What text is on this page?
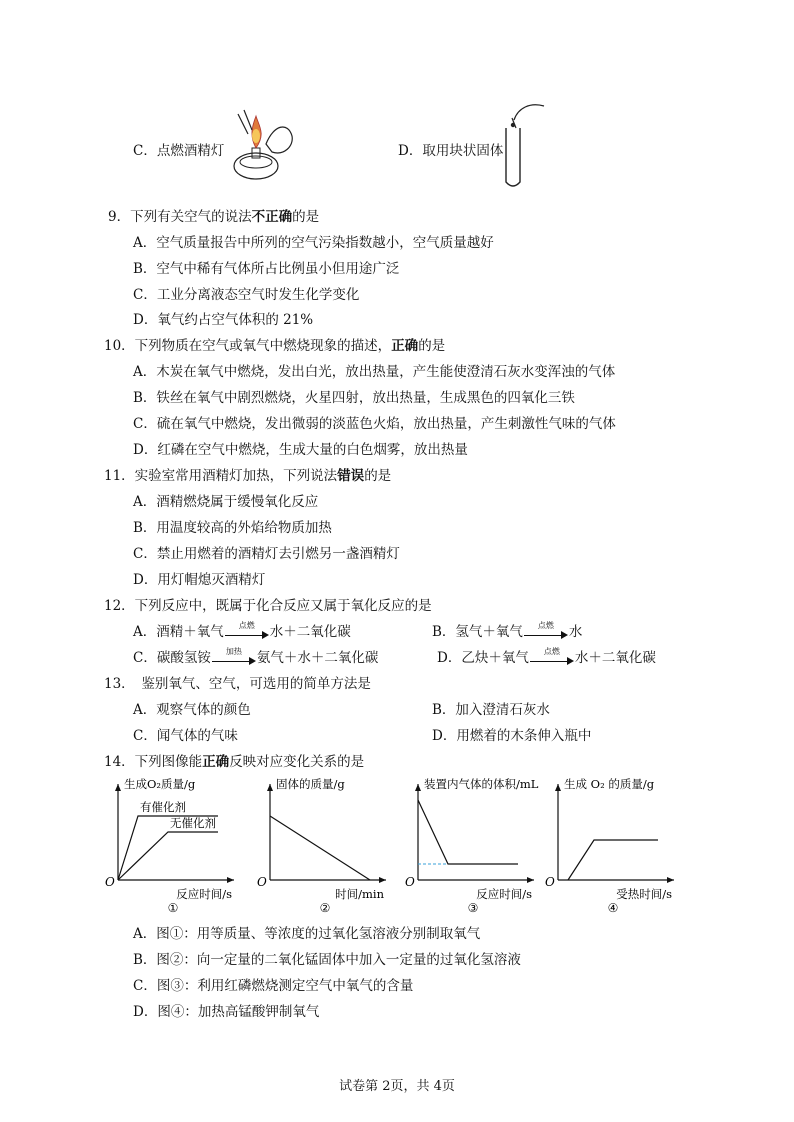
C．点燃酒精灯	D．取用块状固体
9．下列有关空气的说法不正确的是
A．空气质量报告中所列的空气污染指数越小，空气质量越好
B．空气中稀有气体所占比例虽小但用途广泛
C．工业分离液态空气时发生化学变化
D．氧气约占空气体积的 21%
10．下列物质在空气或氧气中燃烧现象的描述，正确的是
A．木炭在氧气中燃烧，发出白光，放出热量，产生能使澄清石灰水变浑浊的气体
B．铁丝在氧气中剧烈燃烧，火星四射，放出热量，生成黑色的四氧化三铁
C．硫在氧气中燃烧，发出微弱的淡蓝色火焰，放出热量，产生刺激性气味的气体
D．红磷在空气中燃烧，生成大量的白色烟雾，放出热量
11．实验室常用酒精灯加热，下列说法错误的是
A．酒精燃烧属于缓慢氧化反应
B．用温度较高的外焰给物质加热
C．禁止用燃着的酒精灯去引燃另一盏酒精灯
D．用灯帽熄灭酒精灯
12．下列反应中，既属于化合反应又属于氧化反应的是
A．酒精＋氧气	点燃	水＋二氧化碳	B．氢气＋氧气	点燃	水
C．碳酸氢铵	加热	氨气＋水＋二氧化碳	D．乙炔＋氧气	点燃	水＋二氧化碳
13．　鉴别氧气、空气，可选用的简单方法是
A．观察气体的颜色	B．加入澄清石灰水
C．闻气体的气味	D．用燃着的木条伸入瓶中
14．下列图像能正确反映对应变化关系的是
生成O₂质量/g
反应时间/s
O
①
有催化剂
无催化剂
固体的质量/g
时间/min
O
②
装置内气体的体积/mL
反应时间/s
O
③
生成 O₂ 的质量/g
受热时间/s
O
④
A．图①：用等质量、等浓度的过氧化氢溶液分别制取氧气
B．图②：向一定量的二氧化锰固体中加入一定量的过氧化氢溶液
C．图③：利用红磷燃烧测定空气中氧气的含量
D．图④：加热高锰酸钾制氧气
试卷第 2页，共 4页
